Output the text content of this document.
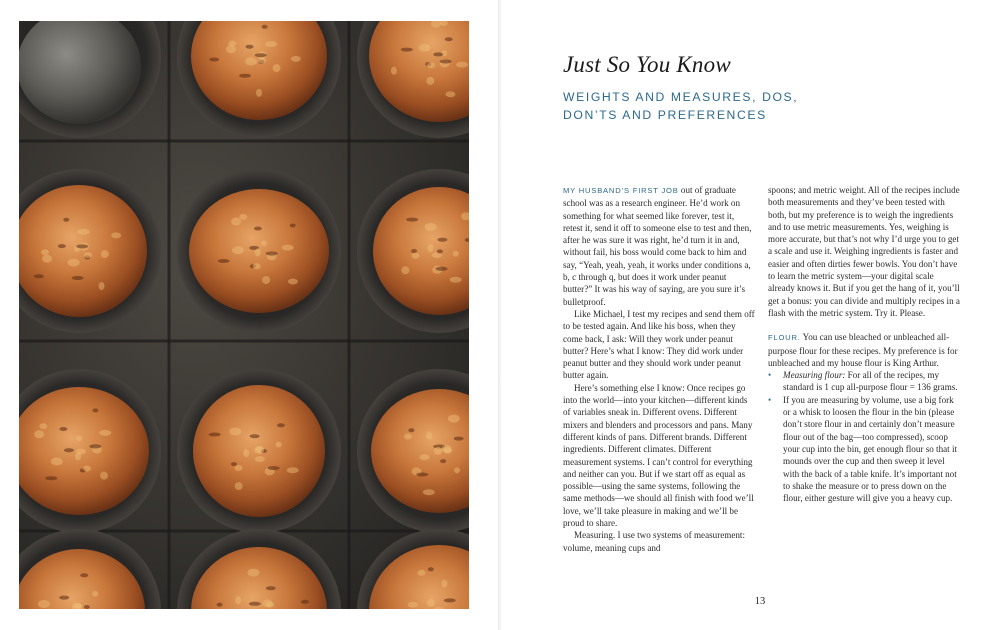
Just So You Know
WEIGHTS AND MEASURES, DOS, DON’TS AND PREFERENCES

MY HUSBAND’S FIRST JOB out of graduate school was as a research engineer. He’d work on something for what seemed like forever, test it, retest it, send it off to someone else to test and then, after he was sure it was right, he’d turn it in and, without fail, his boss would come back to him and say, “Yeah, yeah, yeah, it works under conditions a, b, c through q, but does it work under peanut butter?” It was his way of saying, are you sure it’s bulletproof.

Like Michael, I test my recipes and send them off to be tested again. And like his boss, when they come back, I ask: Will they work under peanut butter? Here’s what I know: They did work under peanut butter and they should work under peanut butter again.

Here’s something else I know: Once recipes go into the world—into your kitchen—different kinds of variables sneak in. Different ovens. Different mixers and blenders and processors and pans. Many different kinds of pans. Different brands. Different ingredients. Different climates. Different measurement systems. I can’t control for everything and neither can you. But if we start off as equal as possible—using the same systems, following the same methods—we should all finish with food we’ll love, we’ll take pleasure in making and we’ll be proud to share.

Measuring. I use two systems of measurement: volume, meaning cups and

spoons; and metric weight. All of the recipes include both measurements and they’ve been tested with both, but my preference is to weigh the ingredients and to use metric measurements. Yes, weighing is more accurate, but that’s not why I’d urge you to get a scale and use it. Weighing ingredients is faster and easier and often dirties fewer bowls. You don’t have to learn the metric system—your digital scale already knows it. But if you get the hang of it, you’ll get a bonus: you can divide and multiply recipes in a flash with the metric system. Try it. Please.

FLOUR. You can use bleached or unbleached all-purpose flour for these recipes. My preference is for unbleached and my house flour is King Arthur.

• Measuring flour: For all of the recipes, my standard is 1 cup all-purpose flour = 136 grams.
• If you are measuring by volume, use a big fork or a whisk to loosen the flour in the bin (please don’t store flour in and certainly don’t measure flour out of the bag—too compressed), scoop your cup into the bin, get enough flour so that it mounds over the cup and then sweep it level with the back of a table knife. It’s important not to shake the measure or to press down on the flour, either gesture will give you a heavy cup.
13
